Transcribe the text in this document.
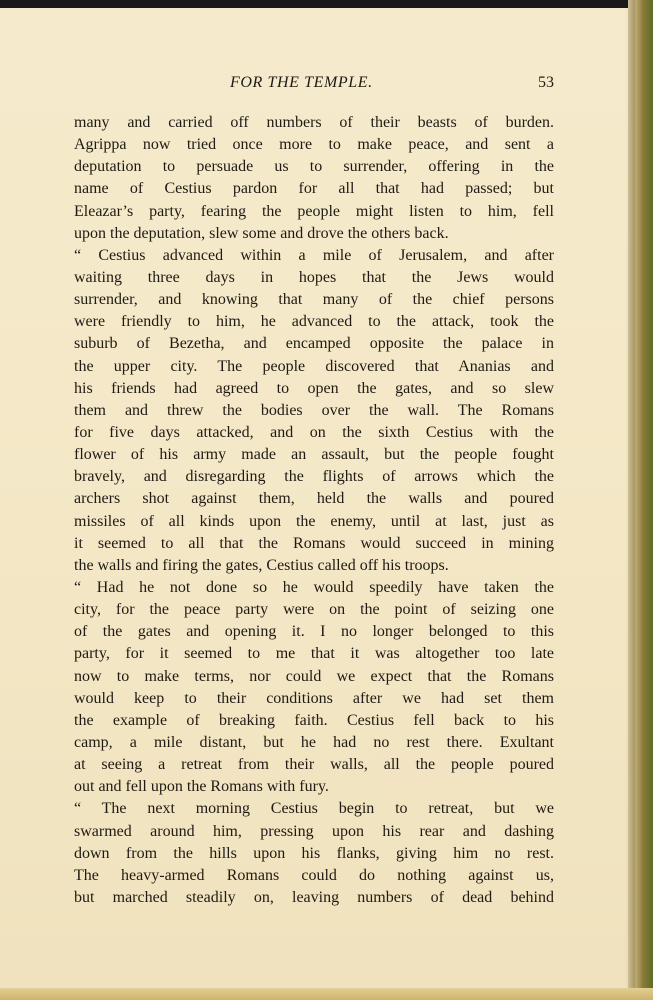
FOR THE TEMPLE.	53
many and carried off numbers of their beasts of burden.
Agrippa now tried once more to make peace, and sent a
deputation to persuade us to surrender, offering in the
name of Cestius pardon for all that had passed; but
Eleazar’s party, fearing the people might listen to him, fell
upon the deputation, slew some and drove the others back.
“ Cestius advanced within a mile of Jerusalem, and after
waiting three days in hopes that the Jews would
surrender, and knowing that many of the chief persons
were friendly to him, he advanced to the attack, took the
suburb of Bezetha, and encamped opposite the palace in
the upper city. The people discovered that Ananias and
his friends had agreed to open the gates, and so slew
them and threw the bodies over the wall. The Romans
for five days attacked, and on the sixth Cestius with the
flower of his army made an assault, but the people fought
bravely, and disregarding the flights of arrows which the
archers shot against them, held the walls and poured
missiles of all kinds upon the enemy, until at last, just as
it seemed to all that the Romans would succeed in mining
the walls and firing the gates, Cestius called off his troops.
“ Had he not done so he would speedily have taken the
city, for the peace party were on the point of seizing one
of the gates and opening it. I no longer belonged to this
party, for it seemed to me that it was altogether too late
now to make terms, nor could we expect that the Romans
would keep to their conditions after we had set them
the example of breaking faith. Cestius fell back to his
camp, a mile distant, but he had no rest there. Exultant
at seeing a retreat from their walls, all the people poured
out and fell upon the Romans with fury.
“ The next morning Cestius begin to retreat, but we
swarmed around him, pressing upon his rear and dashing
down from the hills upon his flanks, giving him no rest.
The heavy-armed Romans could do nothing against us,
but marched steadily on, leaving numbers of dead behind
